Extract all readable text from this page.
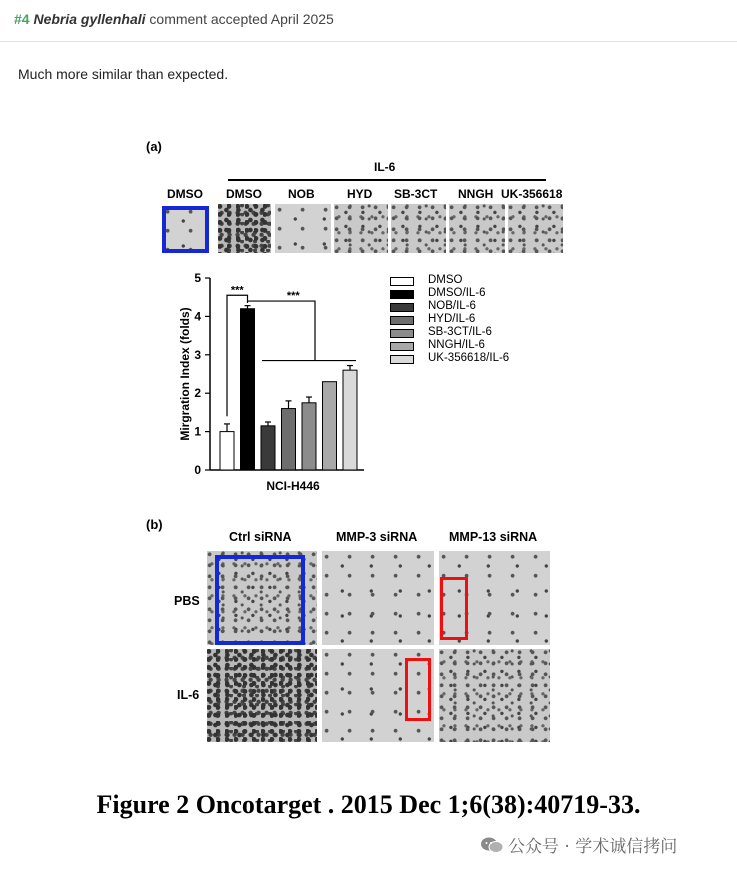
#4 Nebria gyllenhali comment accepted April 2025
Much more similar than expected.
(a)
IL-6
DMSO DMSO NOB	HYD SB-3CT NNGH UK-356618
0
1
2
3
4
5
Mirgration Index (folds)
NCI-H446
***	***
DMSO
DMSO/IL-6
NOB/IL-6
HYD/IL-6
SB-3CT/IL-6
NNGH/IL-6
UK-356618/IL-6
(b)
Ctrl siRNA	MMP-3 siRNA	MMP-13 siRNA
PBS
IL-6
Figure 2 Oncotarget . 2015 Dec 1;6(38):40719-33.
公众号 · 学术诚信拷问
